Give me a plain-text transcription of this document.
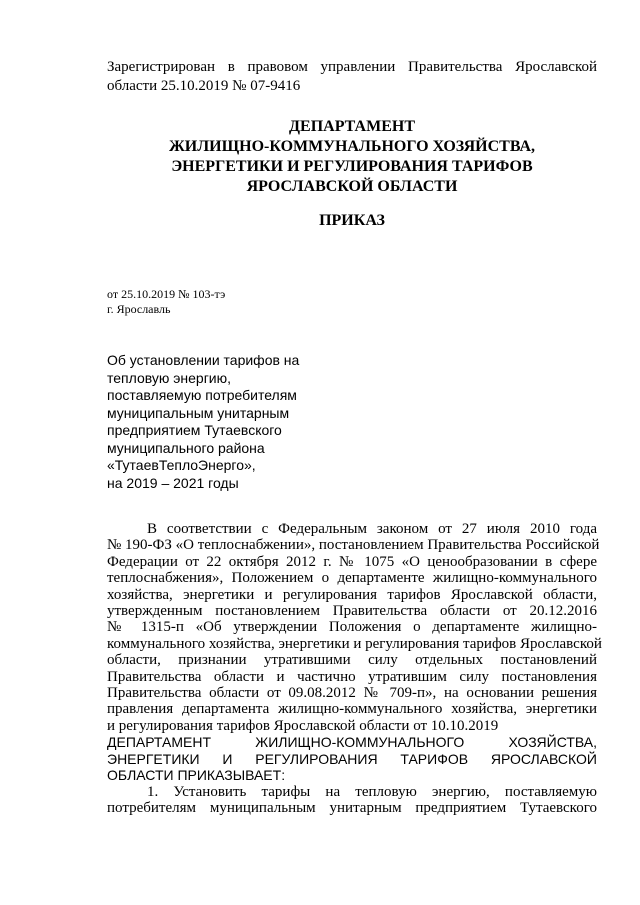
Зарегистрирован в правовом управлении Правительства Ярославской области 25.10.2019 № 07-9416
ДЕПАРТАМЕНТ
ЖИЛИЩНО-КОММУНАЛЬНОГО ХОЗЯЙСТВА,
ЭНЕРГЕТИКИ И РЕГУЛИРОВАНИЯ ТАРИФОВ
ЯРОСЛАВСКОЙ ОБЛАСТИ
ПРИКАЗ
от 25.10.2019 № 103-тэ
г. Ярославль
Об установлении тарифов на
тепловую энергию,
поставляемую потребителям
муниципальным унитарным
предприятием Тутаевского
муниципального района
«ТутаевТеплоЭнерго»,
на 2019 – 2021 годы

В соответствии с Федеральным законом от 27 июля 2010 года
№ 190-ФЗ «О теплоснабжении», постановлением Правительства Российской
Федерации от 22 октября 2012 г. № 1075 «О ценообразовании в сфере
теплоснабжения», Положением о департаменте жилищно-коммунального
хозяйства, энергетики и регулирования тарифов Ярославской области,
утвержденным постановлением Правительства области от 20.12.2016
№ 1315-п «Об утверждении Положения о департаменте жилищно-
коммунального хозяйства, энергетики и регулирования тарифов Ярославской
области, признании утратившими силу отдельных постановлений
Правительства области и частично утратившим силу постановления
Правительства области от 09.08.2012 № 709-п», на основании решения
правления департамента жилищно-коммунального хозяйства, энергетики
и регулирования тарифов Ярославской области от 10.10.2019

ДЕПАРТАМЕНТ ЖИЛИЩНО-КОММУНАЛЬНОГО ХОЗЯЙСТВА,
ЭНЕРГЕТИКИ И РЕГУЛИРОВАНИЯ ТАРИФОВ ЯРОСЛАВСКОЙ
ОБЛАСТИ ПРИКАЗЫВАЕТ:

1. Установить тарифы на тепловую энергию, поставляемую
потребителям муниципальным унитарным предприятием Тутаевского
